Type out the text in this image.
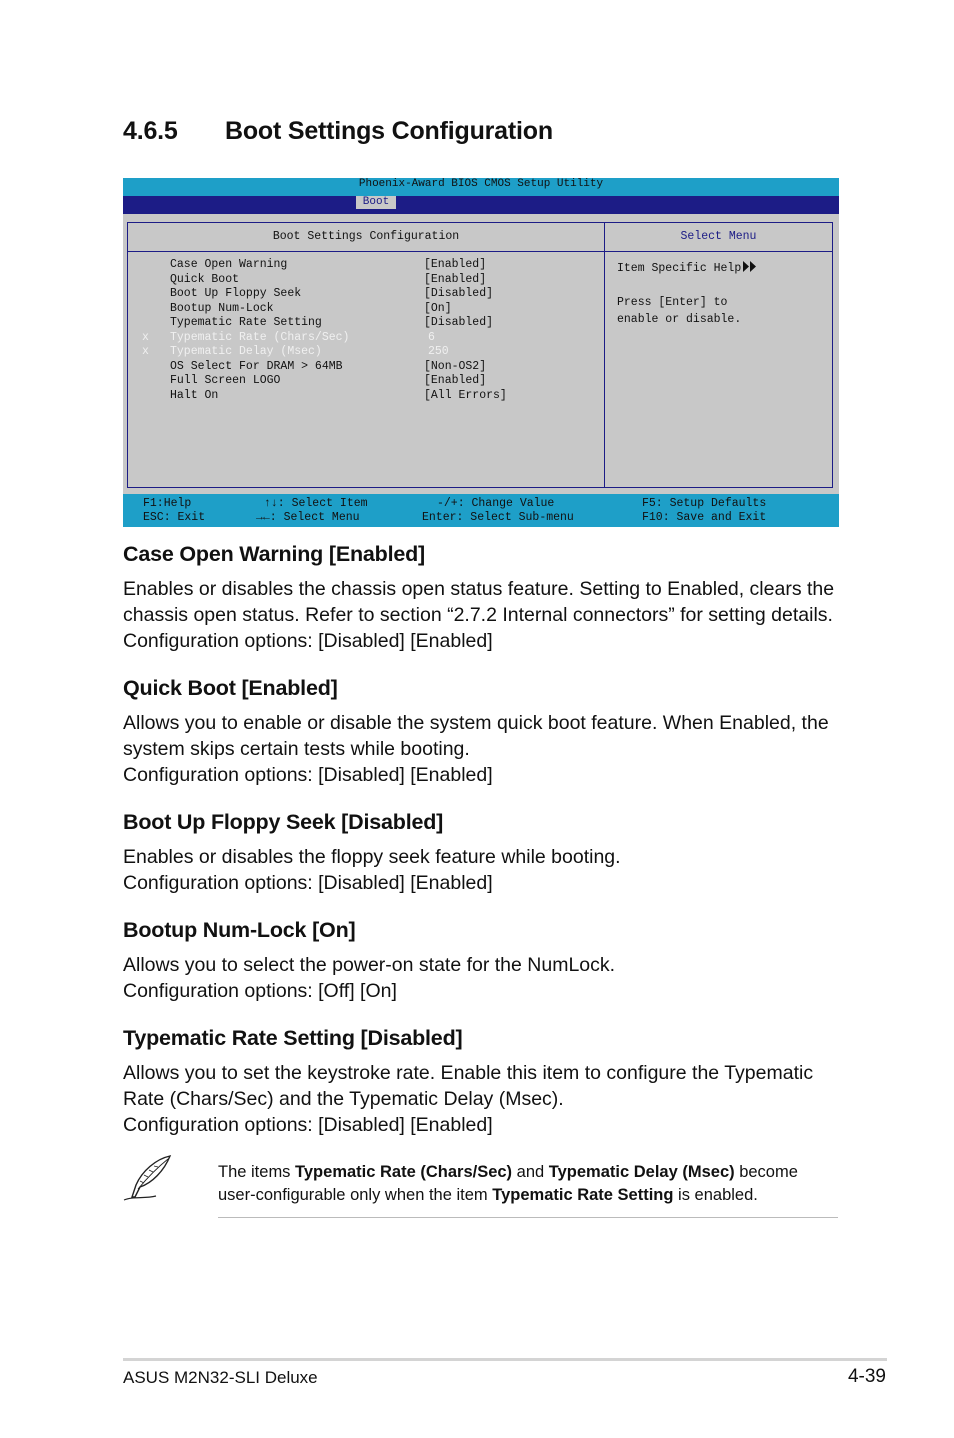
4.6.5 Boot Settings Configuration
Phoenix-Award BIOS CMOS Setup Utility
Boot
Boot Settings Configuration	Select Menu
Case Open Warning	[Enabled]
Quick Boot	[Enabled]
Boot Up Floppy Seek	[Disabled]
Bootup Num-Lock	[On]
Typematic Rate Setting	[Disabled]
x Typematic Rate (Chars/Sec)	6
x Typematic Delay (Msec)	250
OS Select For DRAM > 64MB	[Non-OS2]
Full Screen LOGO	[Enabled]
Halt On	[All Errors]

Item Specific Help

Press [Enter] to

enable or disable.

F1:Help
ESC: Exit
↑↓: Select Item
→←: Select Menu
-/+: Change Value
Enter: Select Sub-menu
F5: Setup Defaults
F10: Save and Exit
Case Open Warning [Enabled]

Enables or disables the chassis open status feature. Setting to Enabled, clears the

chassis open status. Refer to section “2.7.2 Internal connectors” for setting details.

Configuration options: [Disabled] [Enabled]

Quick Boot [Enabled]

Allows you to enable or disable the system quick boot feature. When Enabled, the

system skips certain tests while booting.

Configuration options: [Disabled] [Enabled]

Boot Up Floppy Seek [Disabled]

Enables or disables the floppy seek feature while booting.

Configuration options: [Disabled] [Enabled]

Bootup Num-Lock [On]

Allows you to select the power-on state for the NumLock.

Configuration options: [Off] [On]

Typematic Rate Setting [Disabled]

Allows you to set the keystroke rate. Enable this item to configure the Typematic

Rate (Chars/Sec) and the Typematic Delay (Msec).

Configuration options: [Disabled] [Enabled]

The items Typematic Rate (Chars/Sec) and Typematic Delay (Msec) become user-configurable only when the item Typematic Rate Setting is enabled.

ASUS M2N32-SLI Deluxe	4-39
